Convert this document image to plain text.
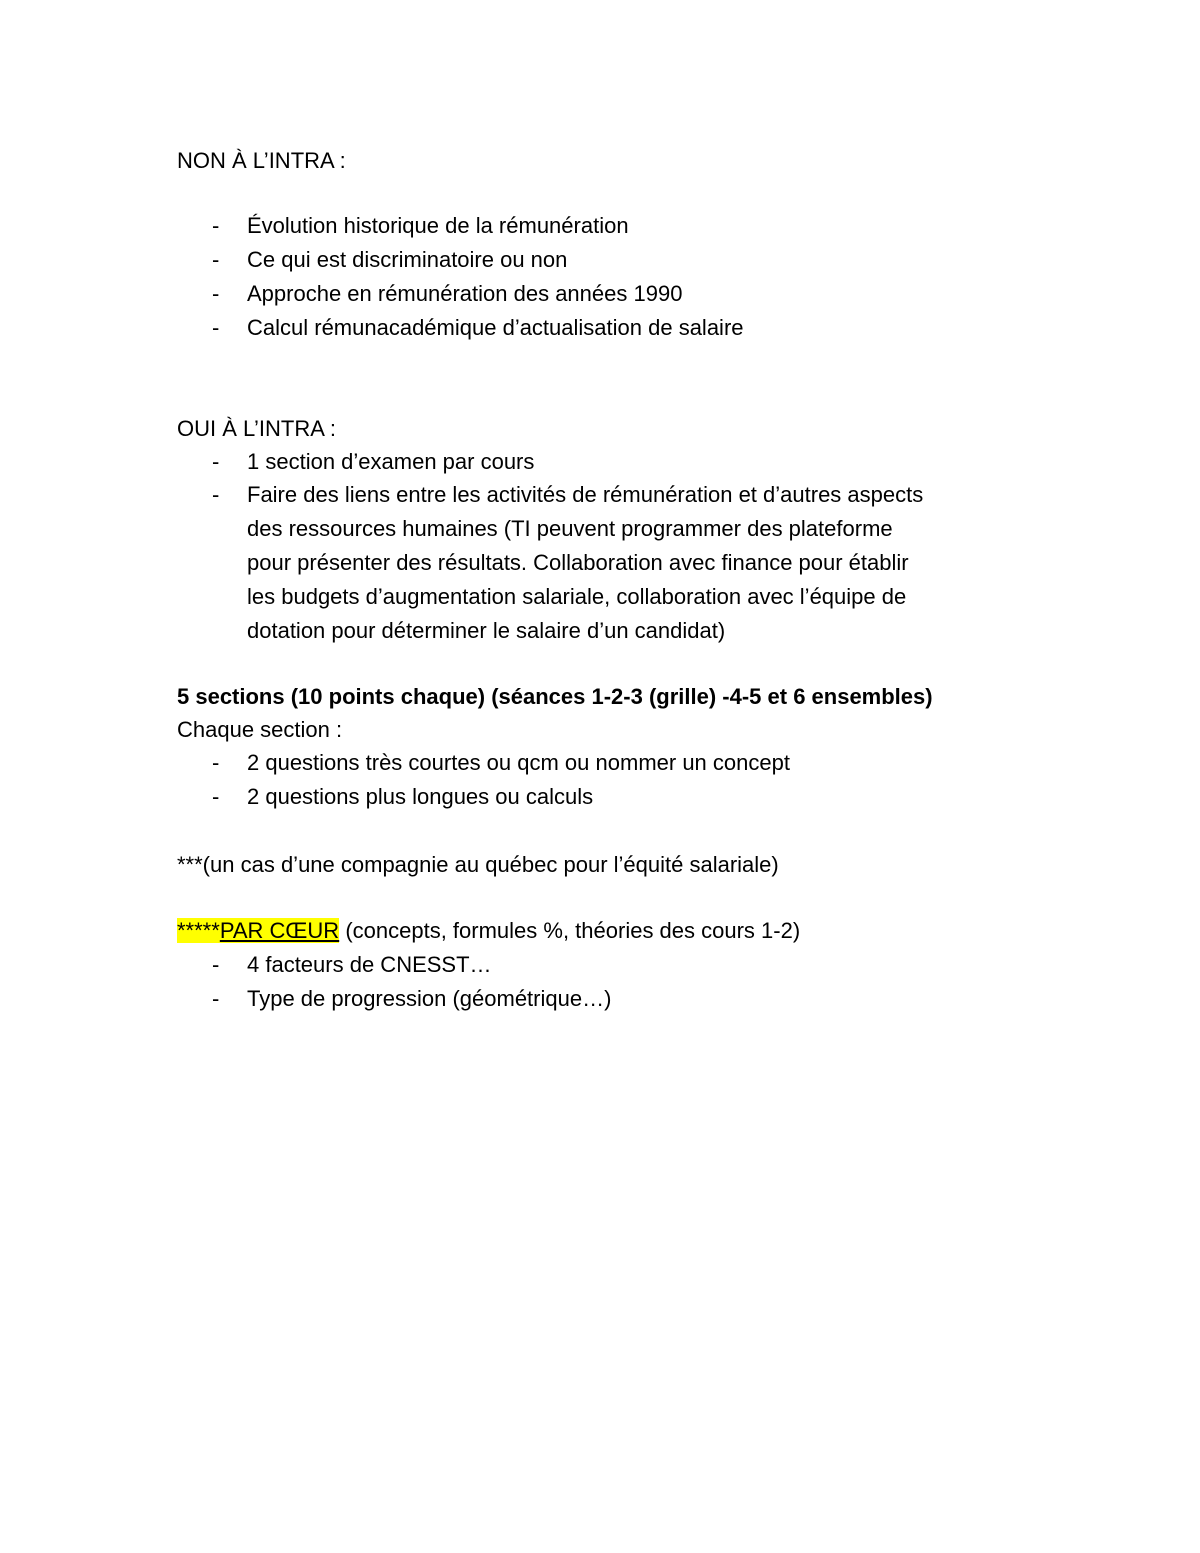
NON À L’INTRA :
- Évolution historique de la rémunération
- Ce qui est discriminatoire ou non
- Approche en rémunération des années 1990
- Calcul rémunacadémique d’actualisation de salaire
OUI À L’INTRA :
- 1 section d’examen par cours
- Faire des liens entre les activités de rémunération et d’autres aspects
des ressources humaines (TI peuvent programmer des plateforme
pour présenter des résultats. Collaboration avec finance pour établir
les budgets d’augmentation salariale, collaboration avec l’équipe de
dotation pour déterminer le salaire d’un candidat)
5 sections (10 points chaque) (séances 1-2-3 (grille) -4-5 et 6 ensembles)
Chaque section :
- 2 questions très courtes ou qcm ou nommer un concept
- 2 questions plus longues ou calculs
***(un cas d’une compagnie au québec pour l’équité salariale)
*****PAR CŒUR (concepts, formules %, théories des cours 1-2)
- 4 facteurs de CNESST…
- Type de progression (géométrique…)
